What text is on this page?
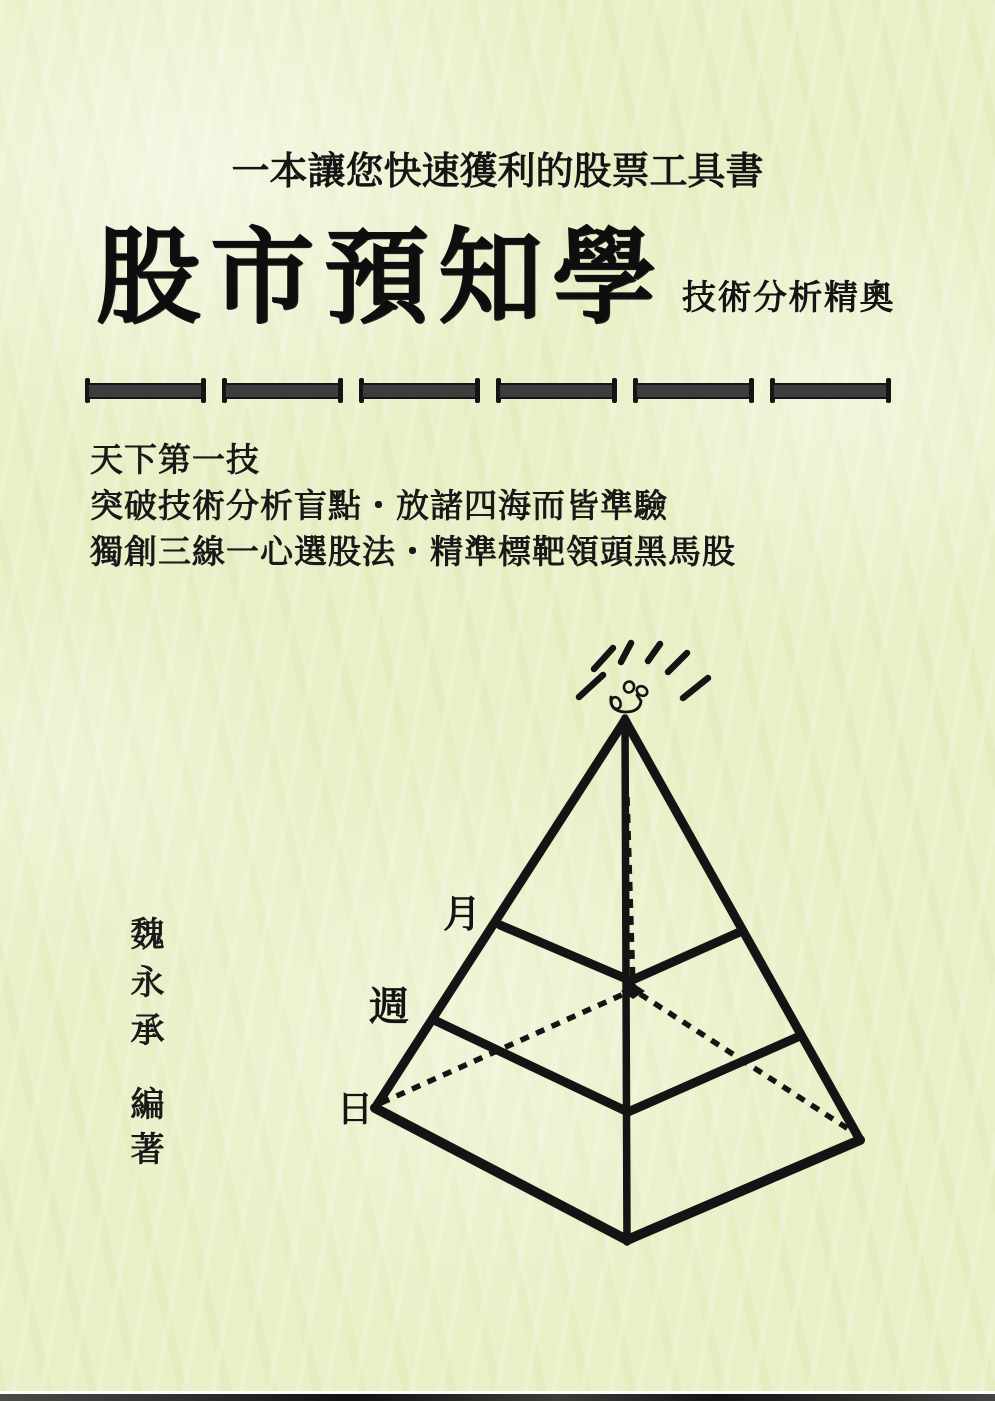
一本讓您快速獲利的股票工具書
股市預知學 技術分析精奧
天下第一技
突破技術分析盲點・放諸四海而皆準驗
獨創三線一心選股法・精準標靶領頭黑馬股
月
週
日
魏永承
編著
